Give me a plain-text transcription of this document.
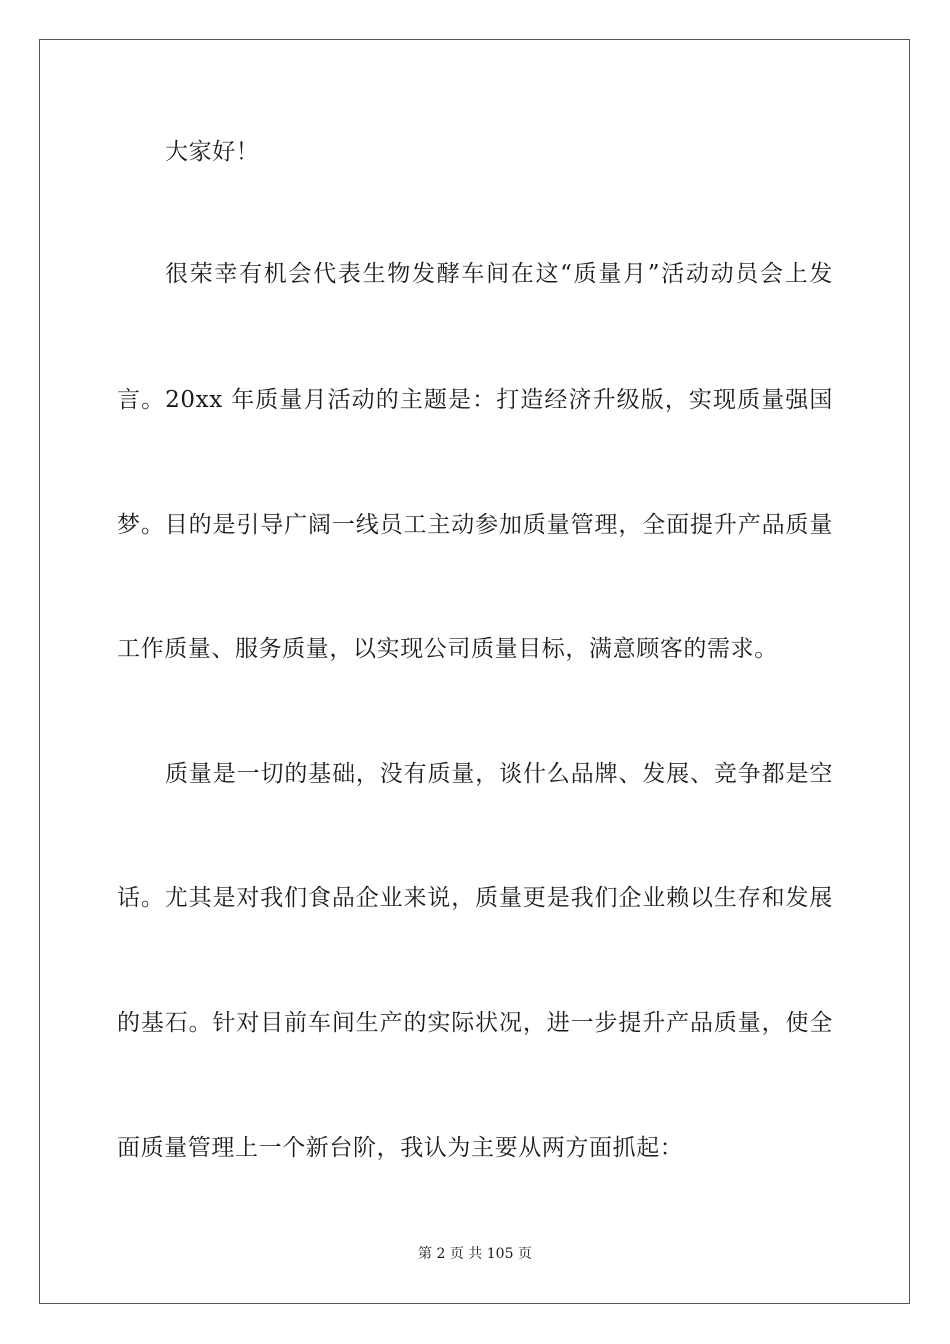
大家好！
很荣幸有机会代表生物发酵车间在这“质量月”活动动员会上发
言。20xx 年质量月活动的主题是：打造经济升级版，实现质量强国
梦。目的是引导广阔一线员工主动参加质量管理，全面提升产品质量
工作质量、服务质量，以实现公司质量目标，满意顾客的需求。
质量是一切的基础，没有质量，谈什么品牌、发展、竞争都是空
话。尤其是对我们食品企业来说，质量更是我们企业赖以生存和发展
的基石。针对目前车间生产的实际状况，进一步提升产品质量，使全
面质量管理上一个新台阶，我认为主要从两方面抓起：
第 2 页 共 105 页
